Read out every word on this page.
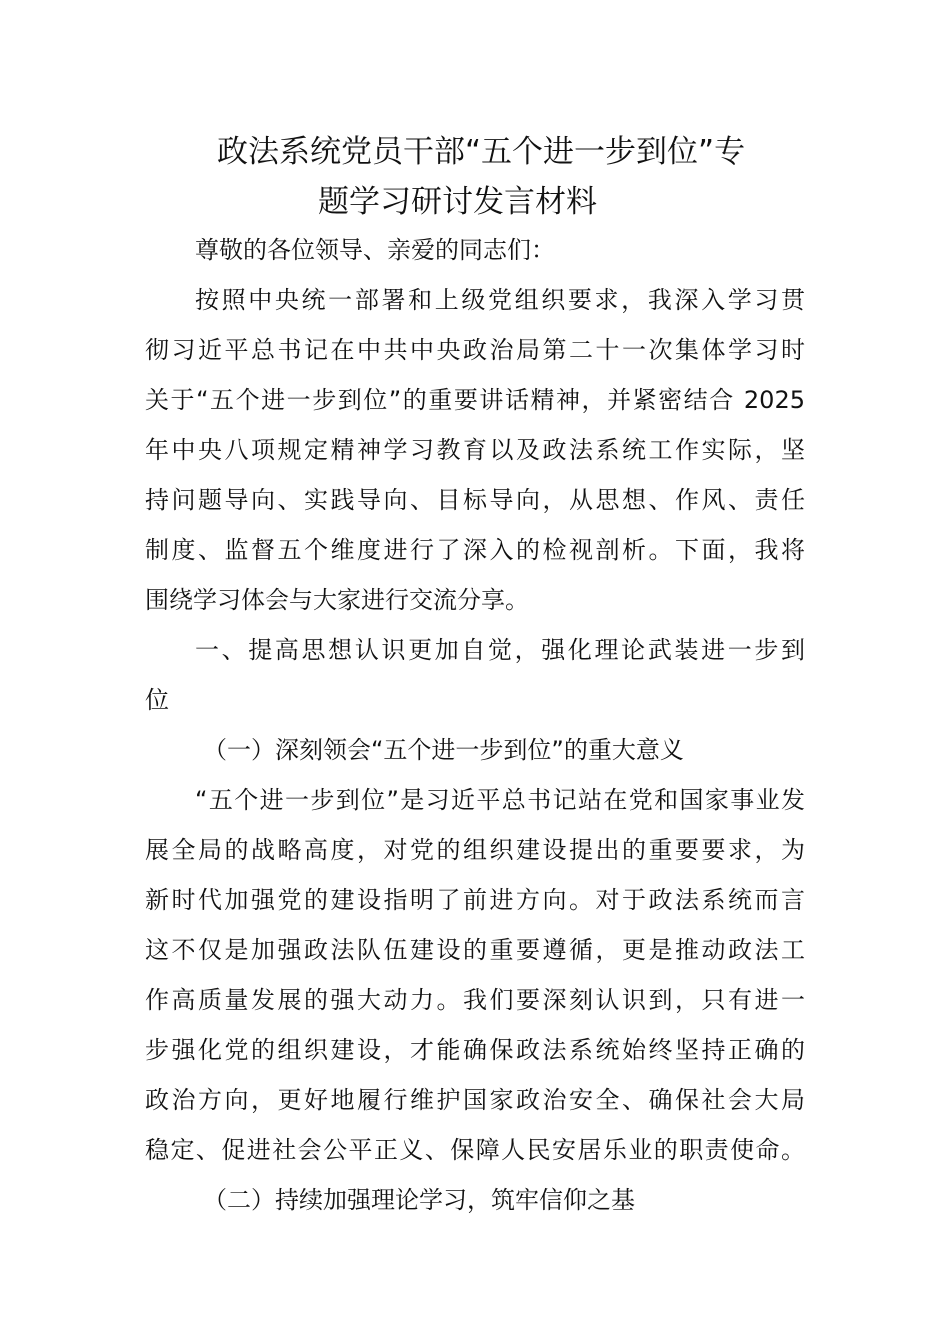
政法系统党员干部“五个进一步到位”专
题学习研讨发言材料
尊敬的各位领导、亲爱的同志们：
按照中央统一部署和上级党组织要求，我深入学习贯
彻习近平总书记在中共中央政治局第二十一次集体学习时
关于“五个进一步到位”的重要讲话精神，并紧密结合 2025
年中央八项规定精神学习教育以及政法系统工作实际，坚
持问题导向、实践导向、目标导向，从思想、作风、责任
制度、监督五个维度进行了深入的检视剖析。下面，我将
围绕学习体会与大家进行交流分享。
一、提高思想认识更加自觉，强化理论武装进一步到
位
（一）深刻领会“五个进一步到位”的重大意义
“五个进一步到位”是习近平总书记站在党和国家事业发
展全局的战略高度，对党的组织建设提出的重要要求，为
新时代加强党的建设指明了前进方向。对于政法系统而言
这不仅是加强政法队伍建设的重要遵循，更是推动政法工
作高质量发展的强大动力。我们要深刻认识到，只有进一
步强化党的组织建设，才能确保政法系统始终坚持正确的
政治方向，更好地履行维护国家政治安全、确保社会大局
稳定、促进社会公平正义、保障人民安居乐业的职责使命。
（二）持续加强理论学习，筑牢信仰之基
